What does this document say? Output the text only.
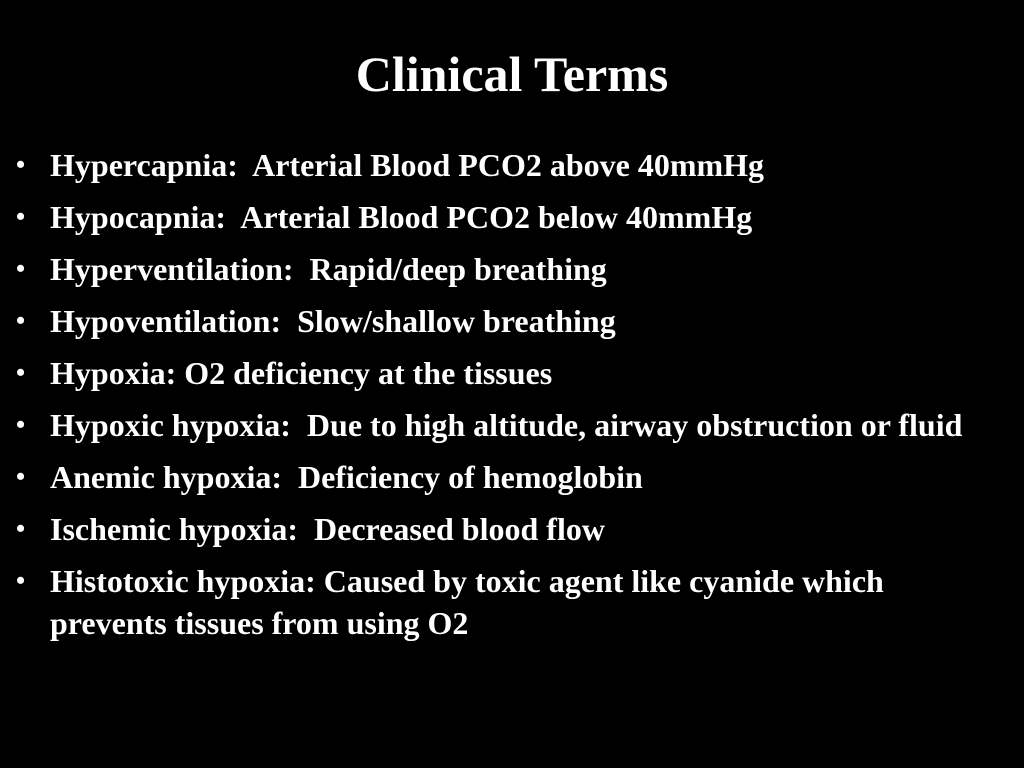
Clinical Terms
• Hypercapnia:  Arterial Blood PCO2 above 40mmHg
• Hypocapnia:  Arterial Blood PCO2 below 40mmHg
• Hyperventilation:  Rapid/deep breathing
• Hypoventilation:  Slow/shallow breathing
• Hypoxia: O2 deficiency at the tissues
• Hypoxic hypoxia:  Due to high altitude, airway obstruction or fluid
• Anemic hypoxia:  Deficiency of hemoglobin
• Ischemic hypoxia:  Decreased blood flow
• Histotoxic hypoxia: Caused by toxic agent like cyanide which prevents tissues from using O2
